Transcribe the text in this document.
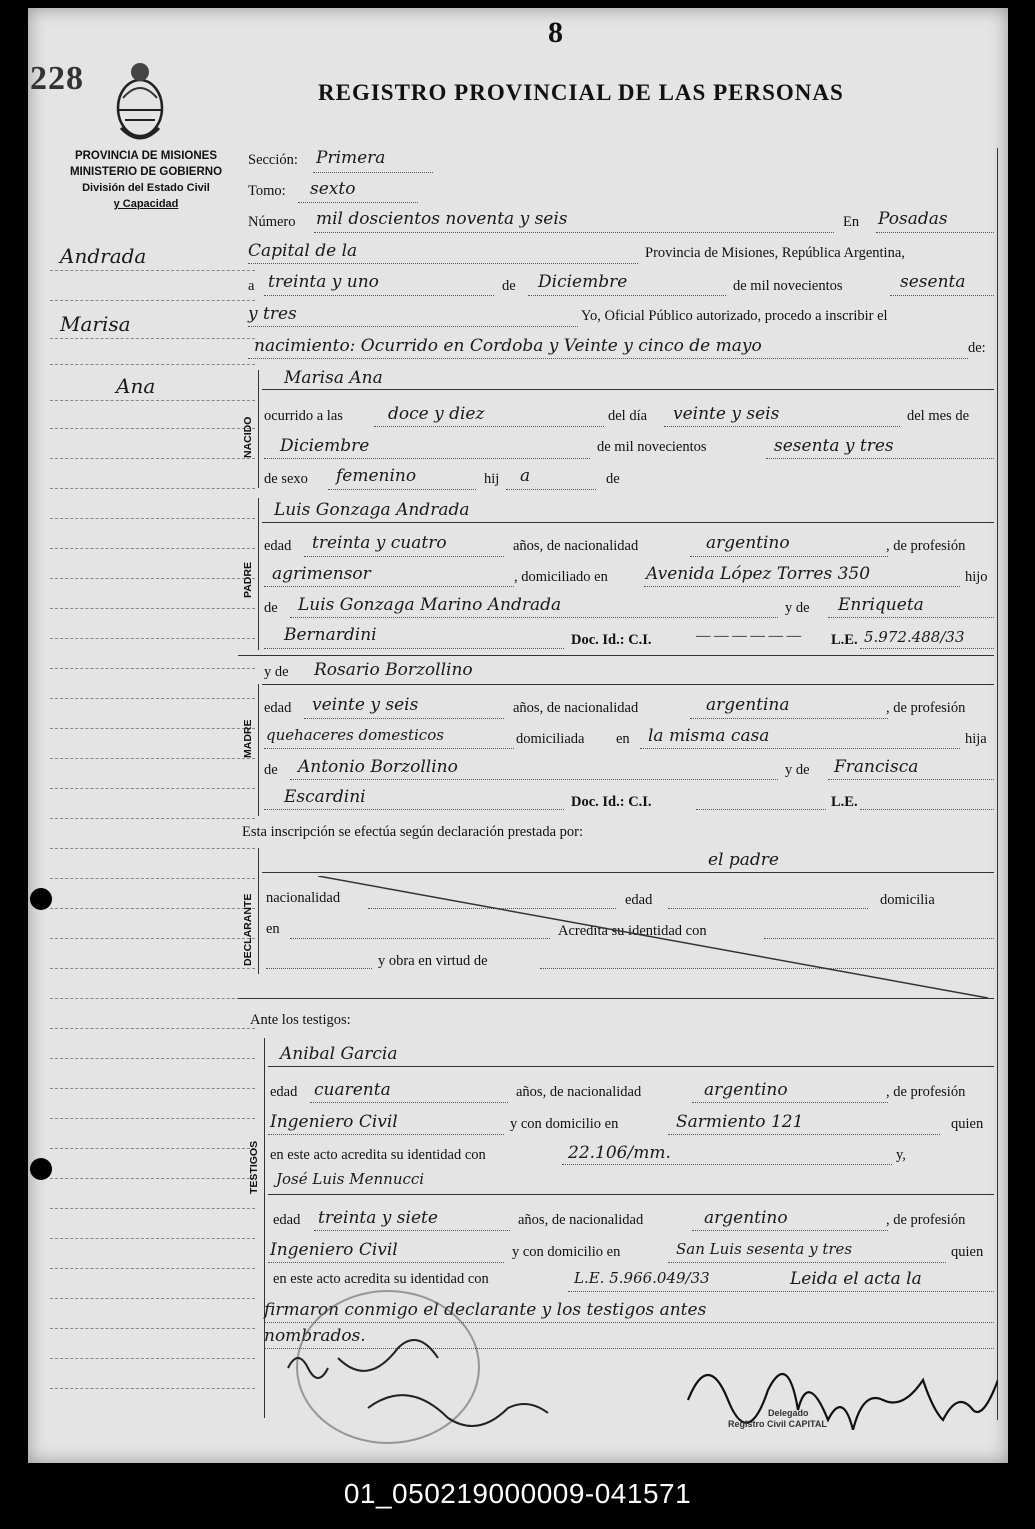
8
228	REGISTRO PROVINCIAL DE LAS PERSONAS
PROVINCIA DE MISIONES
MINISTERIO DE GOBIERNO
División del Estado Civil
y Capacidad
Andrada
Marisa
Ana
Sección: Primera
Tomo: sexto
Número mil doscientos noventa y seis	En Posadas
Capital de la	Provincia de Misiones, República Argentina,
a treinta y uno	de Diciembre	de mil novecientos	sesenta
y tres	Yo, Oficial Público autorizado, procedo a inscribir el
nacimiento: Ocurrido en Cordoba y Veinte y cinco de mayo	de:
NACIDO
Marisa Ana
ocurrido a las	doce y diez	del día veinte y seis	del mes de
Diciembre	de mil novecientos	sesenta y tres
de sexo femenino	hij a	de
PADRE
Luis Gonzaga Andrada
edad treinta y cuatro	años, de nacionalidad	argentino	, de profesión
agrimensor	, domiciliado en Avenida López Torres 350	hijo
de Luis Gonzaga Marino Andrada	y de Enriqueta
Bernardini	Doc. Id.: C.I.	— — — — — — L.E. 5.972.488/33
MADRE
y de Rosario Borzollino
edad veinte y seis	años, de nacionalidad	argentina	, de profesión
quehaceres domesticos	domiciliada en la misma casa	hija
de Antonio Borzollino	y de Francisca
Escardini	Doc. Id.: C.I.	L.E.
Esta inscripción se efectúa según declaración prestada por:
DECLARANTE
el padre
nacionalidad	edad	domicilia
en	Acredita su identidad con
y obra en virtud de
Ante los testigos:
TESTIGOS
Anibal Garcia
edad cuarenta	años, de nacionalidad	argentino	, de profesión
Ingeniero Civil	y con domicilio en	Sarmiento 121	quien
en este acto acredita su identidad con	22.106/mm.	y,
José Luis Mennucci
edad treinta y siete	años, de nacionalidad	argentino	, de profesión
Ingeniero Civil	y con domicilio en	San Luis sesenta y tres	quien
en este acto acredita su identidad con	L.E. 5.966.049/33	Leida el acta la
firmaron conmigo el declarante y los testigos antes
nombrados.
Delegado
Registro Civil CAPITAL
01_050219000009-041571
